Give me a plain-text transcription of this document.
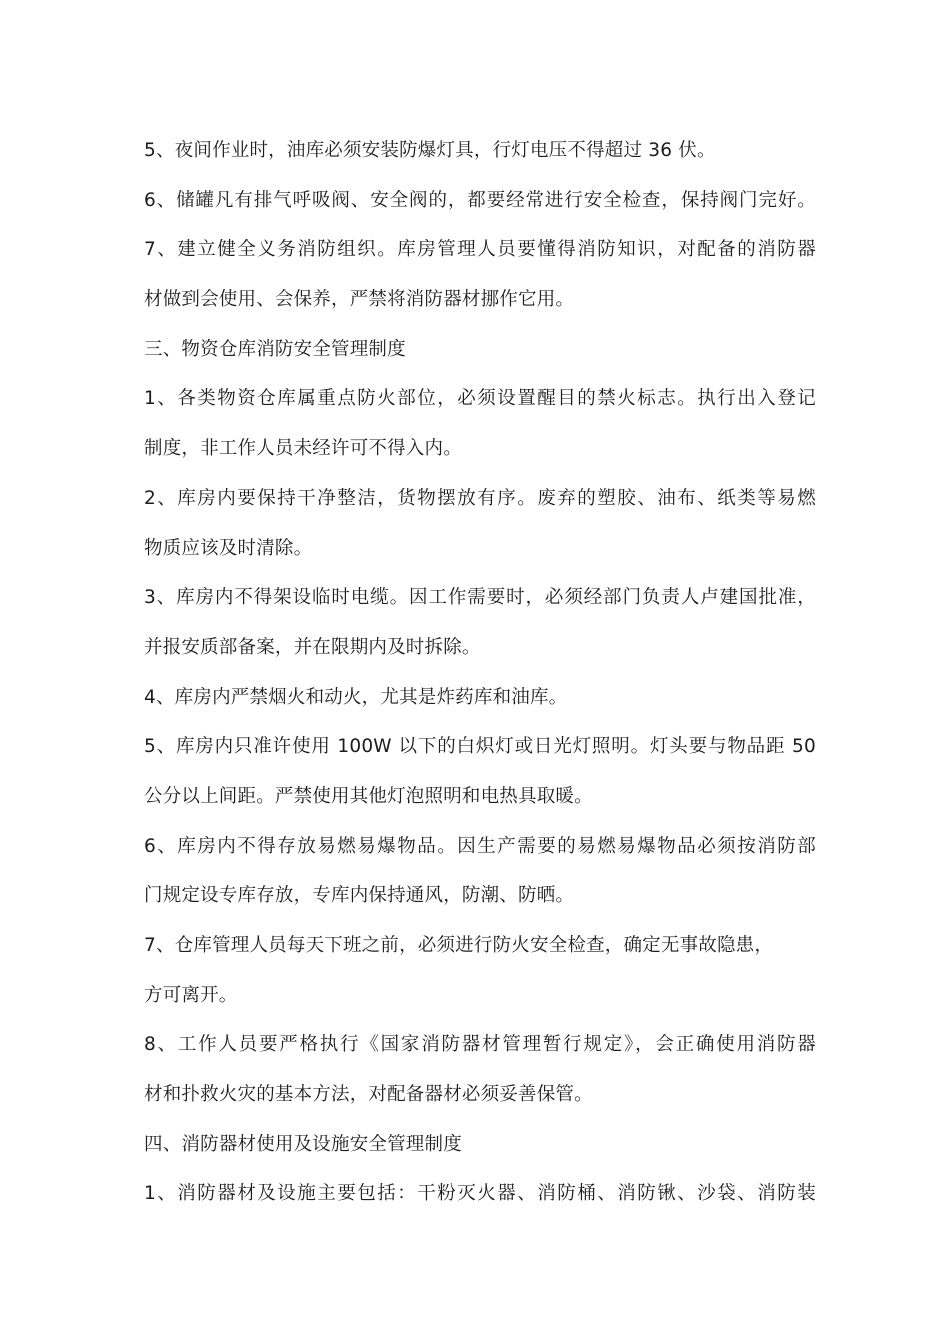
5、夜间作业时，油库必须安装防爆灯具，行灯电压不得超过 36 伏。
6、储罐凡有排气呼吸阀、安全阀的，都要经常进行安全检查，保持阀门完好。
7、建立健全义务消防组织。库房管理人员要懂得消防知识，对配备的消防器
材做到会使用、会保养，严禁将消防器材挪作它用。
三、物资仓库消防安全管理制度
1、各类物资仓库属重点防火部位，必须设置醒目的禁火标志。执行出入登记
制度，非工作人员未经许可不得入内。
2、库房内要保持干净整洁，货物摆放有序。废弃的塑胶、油布、纸类等易燃
物质应该及时清除。
3、库房内不得架设临时电缆。因工作需要时，必须经部门负责人卢建国批准，
并报安质部备案，并在限期内及时拆除。
4、库房内严禁烟火和动火，尤其是炸药库和油库。
5、库房内只准许使用 100W 以下的白炽灯或日光灯照明。灯头要与物品距 50
公分以上间距。严禁使用其他灯泡照明和电热具取暖。
6、库房内不得存放易燃易爆物品。因生产需要的易燃易爆物品必须按消防部
门规定设专库存放，专库内保持通风，防潮、防晒。
7、仓库管理人员每天下班之前，必须进行防火安全检查，确定无事故隐患，
方可离开。
8、工作人员要严格执行《国家消防器材管理暂行规定》，会正确使用消防器
材和扑救火灾的基本方法，对配备器材必须妥善保管。
四、消防器材使用及设施安全管理制度
1、消防器材及设施主要包括：干粉灭火器、消防桶、消防锹、沙袋、消防装
